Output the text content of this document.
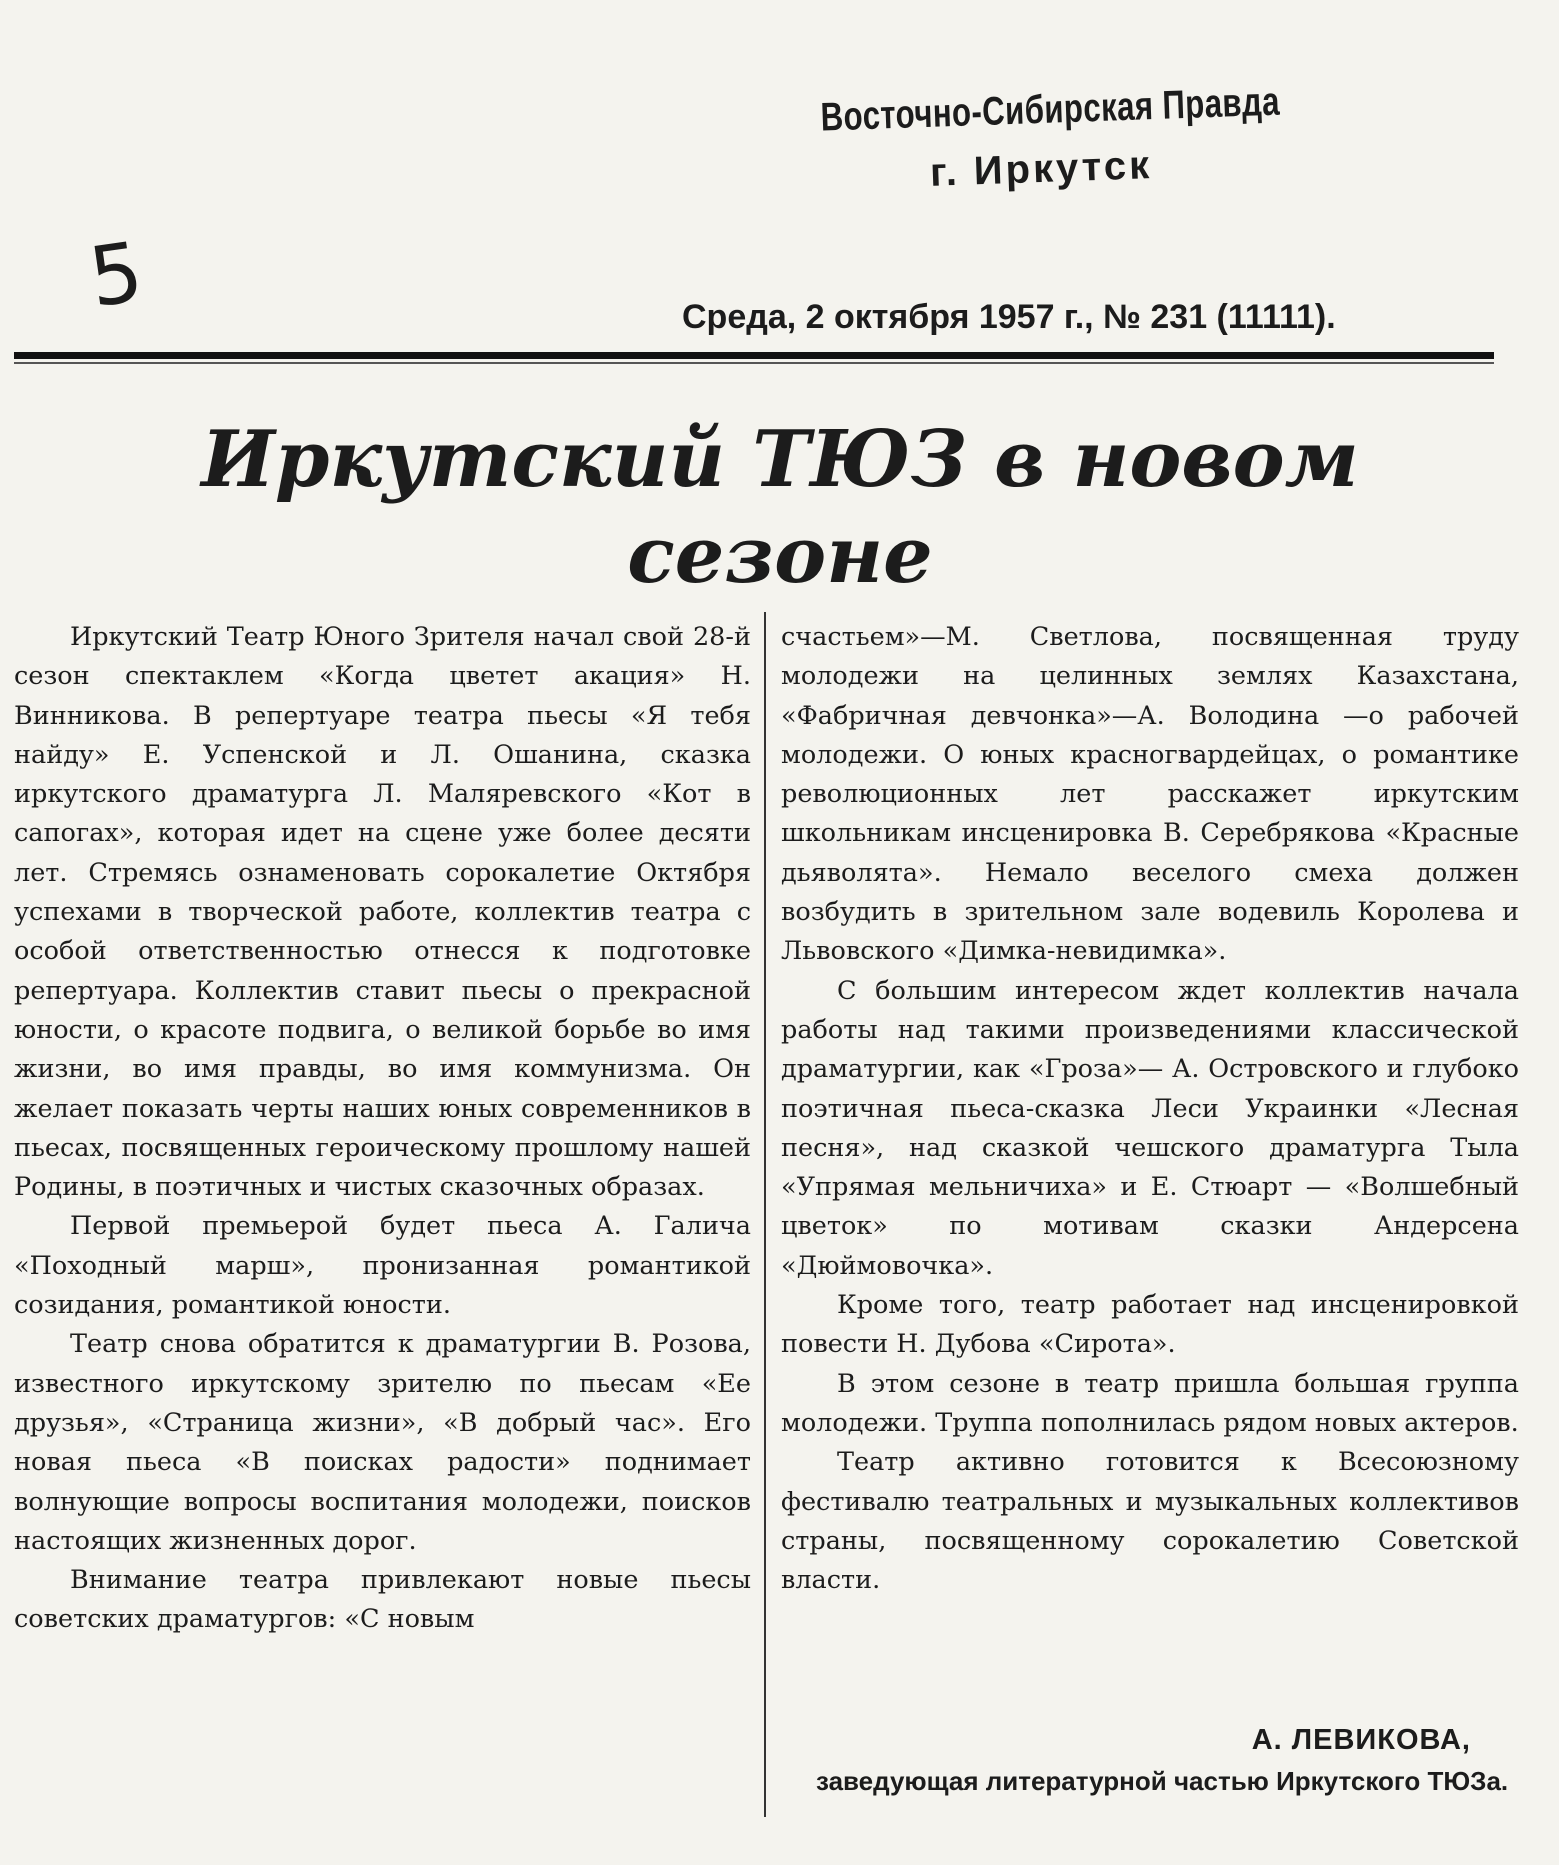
Восточно-Сибирская Правда
г. Иркутск
5	Среда, 2 октября 1957 г., № 231 (11111).
Иркутский ТЮЗ в новом сезоне

Иркутский Театр Юного Зрителя начал свой 28-й сезон спектаклем «Когда цветет акация» Н. Винникова. В репертуаре театра пьесы «Я тебя найду» Е. Успенской и Л. Ошанина, сказка иркутского драматурга Л. Маляревского «Кот в сапогах», которая идет на сцене уже более десяти лет. Стремясь ознаменовать сорокалетие Октября успехами в творческой работе, коллектив театра с особой ответственностью отнесся к подготовке репертуара. Коллектив ставит пьесы о прекрасной юности, о красоте подвига, о великой борьбе во имя жизни, во имя правды, во имя коммунизма. Он желает показать черты наших юных современников в пьесах, посвященных героическому прошлому нашей Родины, в поэтичных и чистых сказочных образах.

Первой премьерой будет пьеса А. Галича «Походный марш», пронизанная романтикой созидания, романтикой юности.

Театр снова обратится к драматургии В. Розова, известного иркутскому зрителю по пьесам «Ее друзья», «Страница жизни», «В добрый час». Его новая пьеса «В поисках радости» поднимает волнующие вопросы воспитания молодежи, поисков настоящих жизненных дорог.

Внимание театра привлекают новые пьесы советских драматургов: «С новым

счастьем»—М. Светлова, посвященная труду молодежи на целинных землях Казахстана, «Фабричная девчонка»—А. Володина —о рабочей молодежи. О юных красногвардейцах, о романтике революционных лет расскажет иркутским школьникам инсценировка В. Серебрякова «Красные дьяволята». Немало веселого смеха должен возбудить в зрительном зале водевиль Королева и Львовского «Димка-невидимка».

С большим интересом ждет коллектив начала работы над такими произведениями классической драматургии, как «Гроза»— А. Островского и глубоко поэтичная пьеса-сказка Леси Украинки «Лесная песня», над сказкой чешского драматурга Тыла «Упрямая мельничиха» и Е. Стюарт — «Волшебный цветок» по мотивам сказки Андерсена «Дюймовочка».

Кроме того, театр работает над инсценировкой повести Н. Дубова «Сирота».

В этом сезоне в театр пришла большая группа молодежи. Труппа пополнилась рядом новых актеров.

Театр активно готовится к Всесоюзному фестивалю театральных и музыкальных коллективов страны, посвященному сорокалетию Советской власти.

А. ЛЕВИКОВА,
заведующая литературной частью Иркутского ТЮЗа.
